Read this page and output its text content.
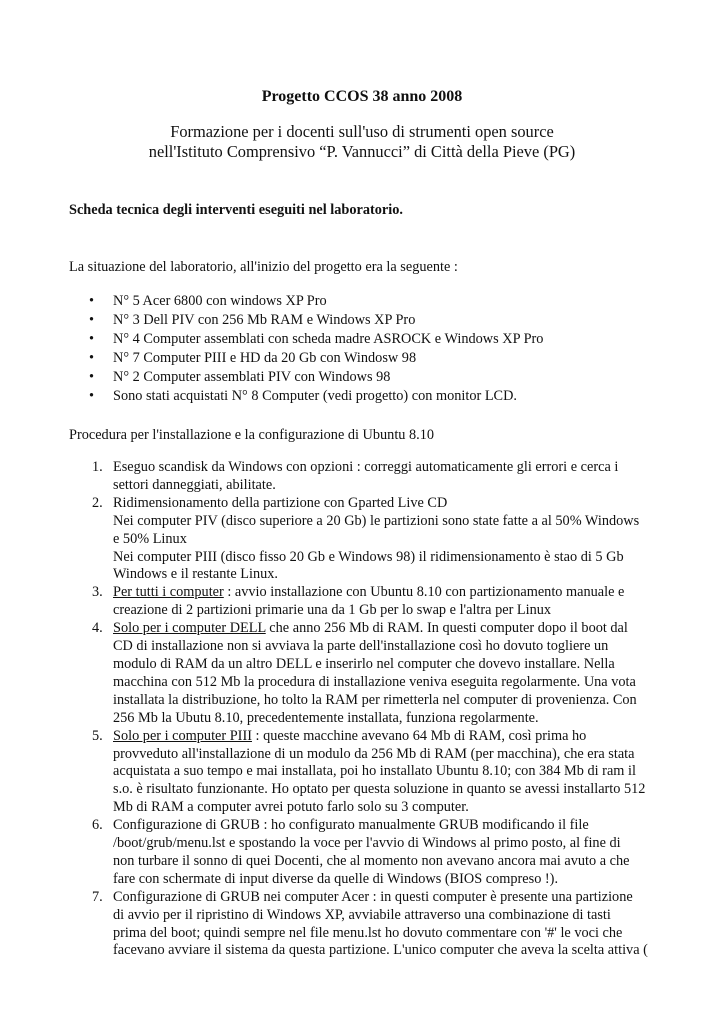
Progetto CCOS 38 anno 2008
Formazione per i docenti sull'uso di strumenti open source
nell'Istituto Comprensivo “P. Vannucci” di Città della Pieve (PG)
Scheda tecnica degli interventi eseguiti nel laboratorio.
La situazione del laboratorio, all'inizio del progetto era la seguente :
• N° 5 Acer 6800 con windows XP Pro
• N° 3 Dell PIV con 256 Mb RAM e Windows XP Pro
• N° 4 Computer assemblati con scheda madre ASROCK e Windows XP Pro
• N° 7 Computer PIII e HD da 20 Gb con Windosw 98
• N° 2 Computer assemblati PIV con Windows 98
• Sono stati acquistati N° 8 Computer (vedi progetto) con monitor LCD.
Procedura per l'installazione e la configurazione di Ubuntu 8.10
1. Eseguo scandisk da Windows con opzioni : correggi automaticamente gli errori e cerca i
settori danneggiati, abilitate.
2. Ridimensionamento della partizione con Gparted Live CD
Nei computer PIV (disco superiore a 20 Gb) le partizioni sono state fatte a al 50% Windows
e 50% Linux
Nei computer PIII (disco fisso 20 Gb e Windows 98) il ridimensionamento è stao di 5 Gb
Windows e il restante Linux.
3. Per tutti i computer : avvio installazione con Ubuntu 8.10 con partizionamento manuale e
creazione di 2 partizioni primarie una da 1 Gb per lo swap e l'altra per Linux
4. Solo per i computer DELL che anno 256 Mb di RAM. In questi computer dopo il boot dal
CD di installazione non si avviava la parte dell'installazione così ho dovuto togliere un
modulo di RAM da un altro DELL e inserirlo nel computer che dovevo installare. Nella
macchina con 512 Mb la procedura di installazione veniva eseguita regolarmente. Una vota
installata la distribuzione, ho tolto la RAM per rimetterla nel computer di provenienza. Con
256 Mb la Ubutu 8.10, precedentemente installata, funziona regolarmente.
5. Solo per i computer PIII : queste macchine avevano 64 Mb di RAM, così prima ho
provveduto all'installazione di un modulo da 256 Mb di RAM (per macchina), che era stata
acquistata a suo tempo e mai installata, poi ho installato Ubuntu 8.10; con 384 Mb di ram il
s.o. è risultato funzionante. Ho optato per questa soluzione in quanto se avessi installarto 512
Mb di RAM a computer avrei potuto farlo solo su 3 computer.
6. Configurazione di GRUB : ho configurato manualmente GRUB modificando il file
/boot/grub/menu.lst e spostando la voce per l'avvio di Windows al primo posto, al fine di
non turbare il sonno di quei Docenti, che al momento non avevano ancora mai avuto a che
fare con schermate di input diverse da quelle di Windows (BIOS compreso !).
7. Configurazione di GRUB nei computer Acer : in questi computer è presente una partizione
di avvio per il ripristino di Windows XP, avviabile attraverso una combinazione di tasti
prima del boot; quindi sempre nel file menu.lst ho dovuto commentare con '#' le voci che
facevano avviare il sistema da questa partizione. L'unico computer che aveva la scelta attiva (
